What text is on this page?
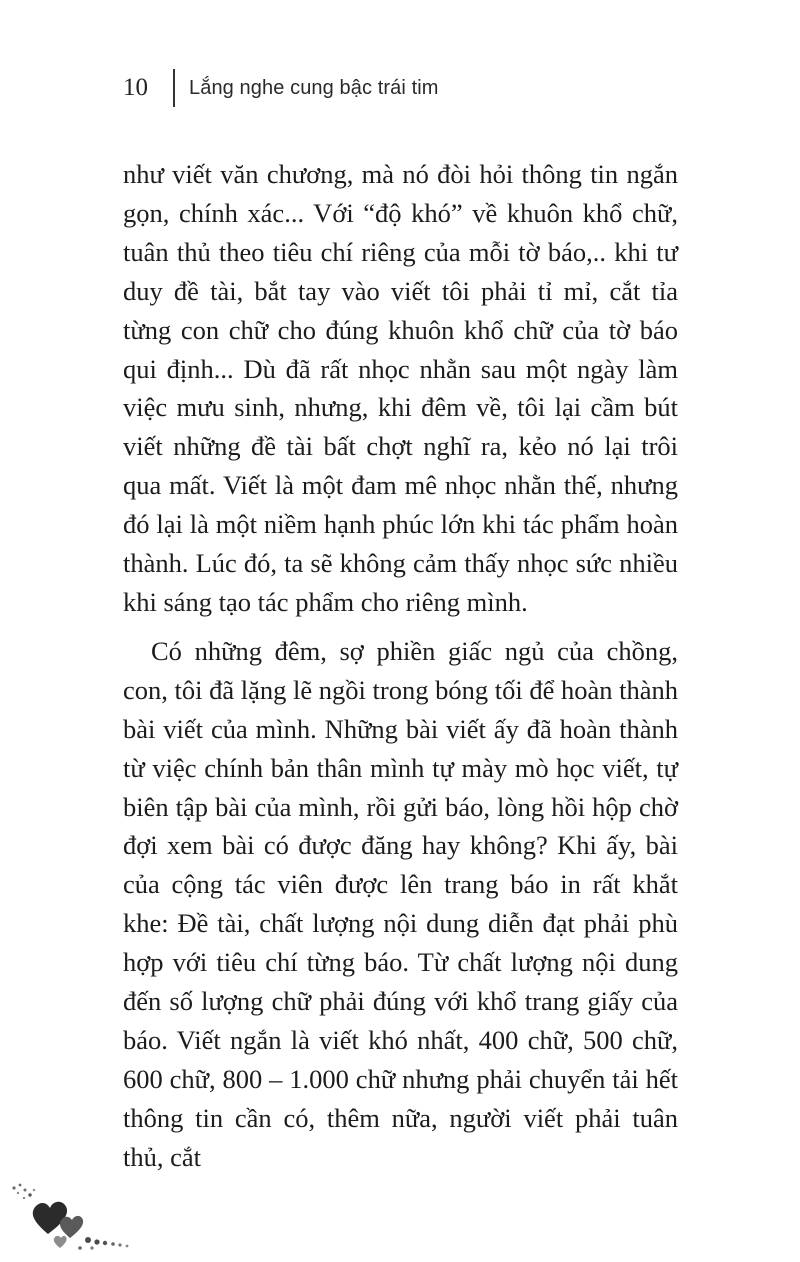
10 Lắng nghe cung bậc trái tim

như viết văn chương, mà nó đòi hỏi thông tin ngắn gọn, chính xác... Với “độ khó” về khuôn khổ chữ, tuân thủ theo tiêu chí riêng của mỗi tờ báo,.. khi tư duy đề tài, bắt tay vào viết tôi phải tỉ mỉ, cắt tỉa từng con chữ cho đúng khuôn khổ chữ của tờ báo qui định... Dù đã rất nhọc nhằn sau một ngày làm việc mưu sinh, nhưng, khi đêm về, tôi lại cầm bút viết những đề tài bất chợt nghĩ ra, kẻo nó lại trôi qua mất. Viết là một đam mê nhọc nhằn thế, nhưng đó lại là một niềm hạnh phúc lớn khi tác phẩm hoàn thành. Lúc đó, ta sẽ không cảm thấy nhọc sức nhiều khi sáng tạo tác phẩm cho riêng mình.

Có những đêm, sợ phiền giấc ngủ của chồng, con, tôi đã lặng lẽ ngồi trong bóng tối để hoàn thành bài viết của mình. Những bài viết ấy đã hoàn thành từ việc chính bản thân mình tự mày mò học viết, tự biên tập bài của mình, rồi gửi báo, lòng hồi hộp chờ đợi xem bài có được đăng hay không? Khi ấy, bài của cộng tác viên được lên trang báo in rất khắt khe: Đề tài, chất lượng nội dung diễn đạt phải phù hợp với tiêu chí từng báo. Từ chất lượng nội dung đến số lượng chữ phải đúng với khổ trang giấy của báo. Viết ngắn là viết khó nhất, 400 chữ, 500 chữ, 600 chữ, 800 – 1.000 chữ nhưng phải chuyển tải hết thông tin cần có, thêm nữa, người viết phải tuân thủ, cắt
